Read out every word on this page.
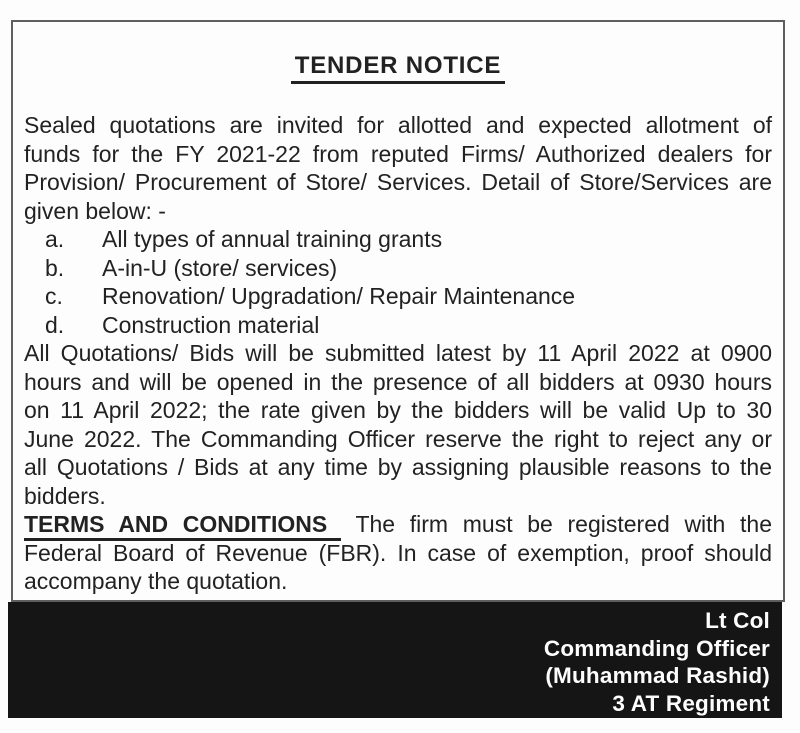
TENDER NOTICE
Sealed quotations are invited for allotted and expected allotment of
funds for the FY 2021-22 from reputed Firms/ Authorized dealers for
Provision/ Procurement of Store/ Services. Detail of Store/Services are
given below: -
a.	All types of annual training grants
b.	A-in-U (store/ services)
c.	Renovation/ Upgradation/ Repair Maintenance
d.	Construction material
All Quotations/ Bids will be submitted latest by 11 April 2022 at 0900
hours and will be opened in the presence of all bidders at 0930 hours
on 11 April 2022; the rate given by the bidders will be valid Up to 30
June 2022. The Commanding Officer reserve the right to reject any or
all Quotations / Bids at any time by assigning plausible reasons to the
bidders.
TERMS AND CONDITIONS The firm must be registered with the
Federal Board of Revenue (FBR). In case of exemption, proof should
accompany the quotation.
Lt Col
Commanding Officer
(Muhammad Rashid)
3 AT Regiment
